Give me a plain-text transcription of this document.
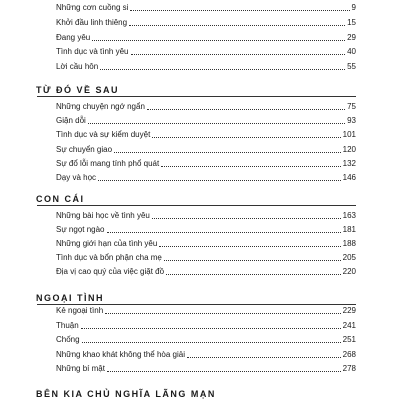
Những cơn cuồng si	9
Khởi đầu linh thiêng	15
Đang yêu	29
Tình dục và tình yêu	40
Lời cầu hôn	55
TỪ ĐÓ VỀ SAU
Những chuyện ngớ ngẩn	75
Giận dỗi	93
Tình dục và sự kiểm duyệt	101
Sự chuyển giao	120
Sự đổ lỗi mang tính phổ quát	132
Dạy và học	146
CON CÁI
Những bài học về tình yêu	163
Sự ngọt ngào	181
Những giới hạn của tình yêu	188
Tình dục và bổn phận cha mẹ	205
Địa vị cao quý của việc giặt đồ	220
NGOẠI TÌNH
Kẻ ngoại tình	229
Thuận	241
Chống	251
Những khao khát không thể hòa giải	268
Những bí mật	278
BÊN KIA CHỦ NGHĨA LÃNG MẠN
